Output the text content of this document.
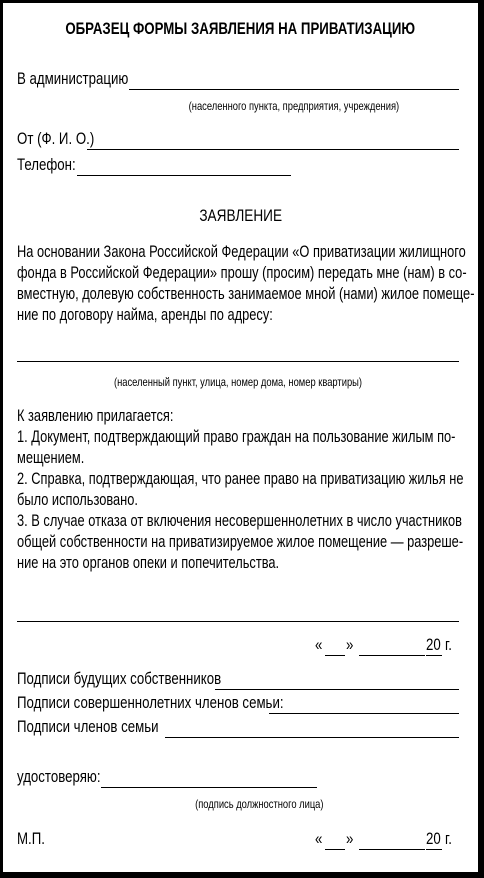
ОБРАЗЕЦ ФОРМЫ ЗАЯВЛЕНИЯ НА ПРИВАТИЗАЦИЮ
В администрацию
(населенного пункта, предприятия, учреждения)
От (Ф. И. О.)
Телефон:
ЗАЯВЛЕНИЕ
На основании Закона Российской Федерации «О приватизации жилищного
фонда в Российской Федерации» прошу (просим) передать мне (нам) в со-
вместную, долевую собственность занимаемое мной (нами) жилое помеще-
ние по договору найма, аренды по адресу:
(населенный пункт, улица, номер дома, номер квартиры)
К заявлению прилагается:
1. Документ, подтверждающий право граждан на пользование жилым по-
мещением.
2. Справка, подтверждающая, что ранее право на приватизацию жилья не
было использовано.
3. В случае отказа от включения несовершеннолетних в число участников
общей собственности на приватизируемое жилое помещение — разреше-
ние на это органов опеки и попечительства.
« »	20 г.
Подписи будущих собственников
Подписи совершеннолетних членов семьи:
Подписи членов семьи
удостоверяю:
(подпись должностного лица)
М.П.	« »	20 г.
